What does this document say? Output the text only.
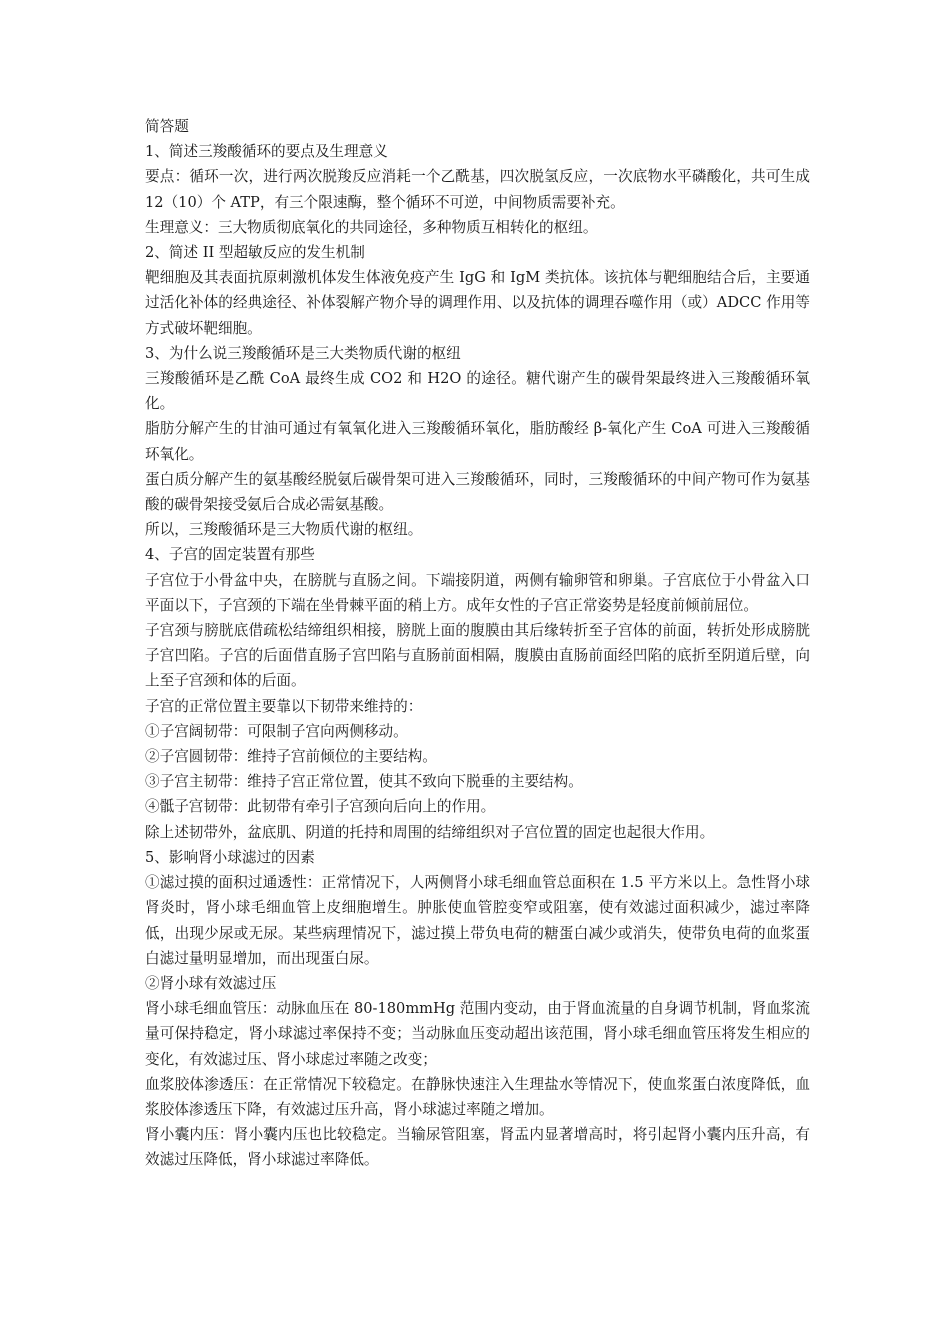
简答题

1、简述三羧酸循环的要点及生理意义

要点：循环一次，进行两次脱羧反应消耗一个乙酰基，四次脱氢反应，一次底物水平磷酸化，共可生成 12（10）个 ATP，有三个限速酶，整个循环不可逆，中间物质需要补充。

生理意义：三大物质彻底氧化的共同途径，多种物质互相转化的枢纽。

2、简述 II 型超敏反应的发生机制

靶细胞及其表面抗原刺激机体发生体液免疫产生 IgG 和 IgM 类抗体。该抗体与靶细胞结合后，主要通过活化补体的经典途径、补体裂解产物介导的调理作用、以及抗体的调理吞噬作用（或）ADCC 作用等方式破坏靶细胞。

3、为什么说三羧酸循环是三大类物质代谢的枢纽

三羧酸循环是乙酰 CoA 最终生成 CO2 和 H2O 的途径。糖代谢产生的碳骨架最终进入三羧酸循环氧化。

脂肪分解产生的甘油可通过有氧氧化进入三羧酸循环氧化，脂肪酸经 β-氧化产生 CoA 可进入三羧酸循环氧化。

蛋白质分解产生的氨基酸经脱氨后碳骨架可进入三羧酸循环，同时，三羧酸循环的中间产物可作为氨基酸的碳骨架接受氨后合成必需氨基酸。

所以，三羧酸循环是三大物质代谢的枢纽。

4、子宫的固定装置有那些

子宫位于小骨盆中央，在膀胱与直肠之间。下端接阴道，两侧有输卵管和卵巢。子宫底位于小骨盆入口平面以下，子宫颈的下端在坐骨棘平面的稍上方。成年女性的子宫正常姿势是轻度前倾前屈位。

子宫颈与膀胱底借疏松结缔组织相接，膀胱上面的腹膜由其后缘转折至子宫体的前面，转折处形成膀胱子宫凹陷。子宫的后面借直肠子宫凹陷与直肠前面相隔，腹膜由直肠前面经凹陷的底折至阴道后壁，向上至子宫颈和体的后面。

子宫的正常位置主要靠以下韧带来维持的：

①子宫阔韧带：可限制子宫向两侧移动。

②子宫圆韧带：维持子宫前倾位的主要结构。

③子宫主韧带：维持子宫正常位置，使其不致向下脱垂的主要结构。

④骶子宫韧带：此韧带有牵引子宫颈向后向上的作用。

除上述韧带外，盆底肌、阴道的托持和周围的结缔组织对子宫位置的固定也起很大作用。

5、影响肾小球滤过的因素

①滤过摸的面积过通透性：正常情况下，人两侧肾小球毛细血管总面积在 1.5 平方米以上。急性肾小球肾炎时，肾小球毛细血管上皮细胞增生。肿胀使血管腔变窄或阻塞，使有效滤过面积减少，滤过率降低，出现少尿或无尿。某些病理情况下，滤过摸上带负电荷的糖蛋白减少或消失，使带负电荷的血浆蛋白滤过量明显增加，而出现蛋白尿。

②肾小球有效滤过压

肾小球毛细血管压：动脉血压在 80-180mmHg 范围内变动，由于肾血流量的自身调节机制，肾血浆流量可保持稳定，肾小球滤过率保持不变；当动脉血压变动超出该范围，肾小球毛细血管压将发生相应的变化，有效滤过压、肾小球虑过率随之改变；

血浆胶体渗透压：在正常情况下较稳定。在静脉快速注入生理盐水等情况下，使血浆蛋白浓度降低，血浆胶体渗透压下降，有效滤过压升高，肾小球滤过率随之增加。

肾小囊内压：肾小囊内压也比较稳定。当输尿管阻塞，肾盂内显著增高时，将引起肾小囊内压升高，有效滤过压降低，肾小球滤过率降低。
